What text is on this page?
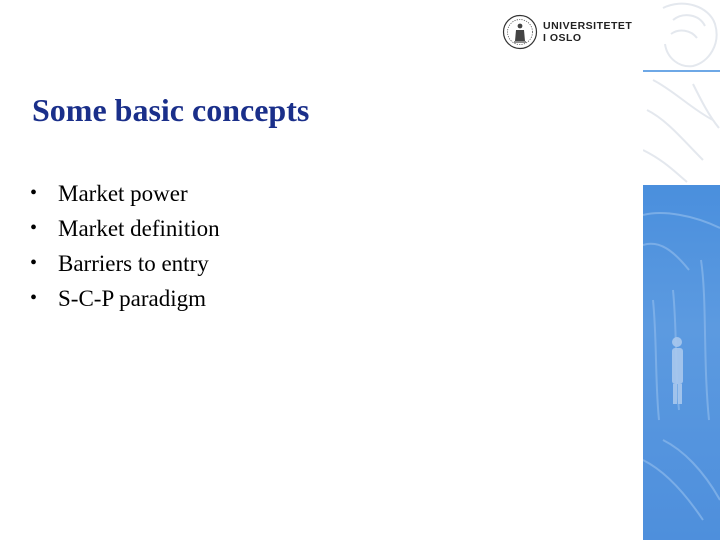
UNIVERSITETET
I OSLO
Some basic concepts
• Market power
• Market definition
• Barriers to entry
• S-C-P paradigm
